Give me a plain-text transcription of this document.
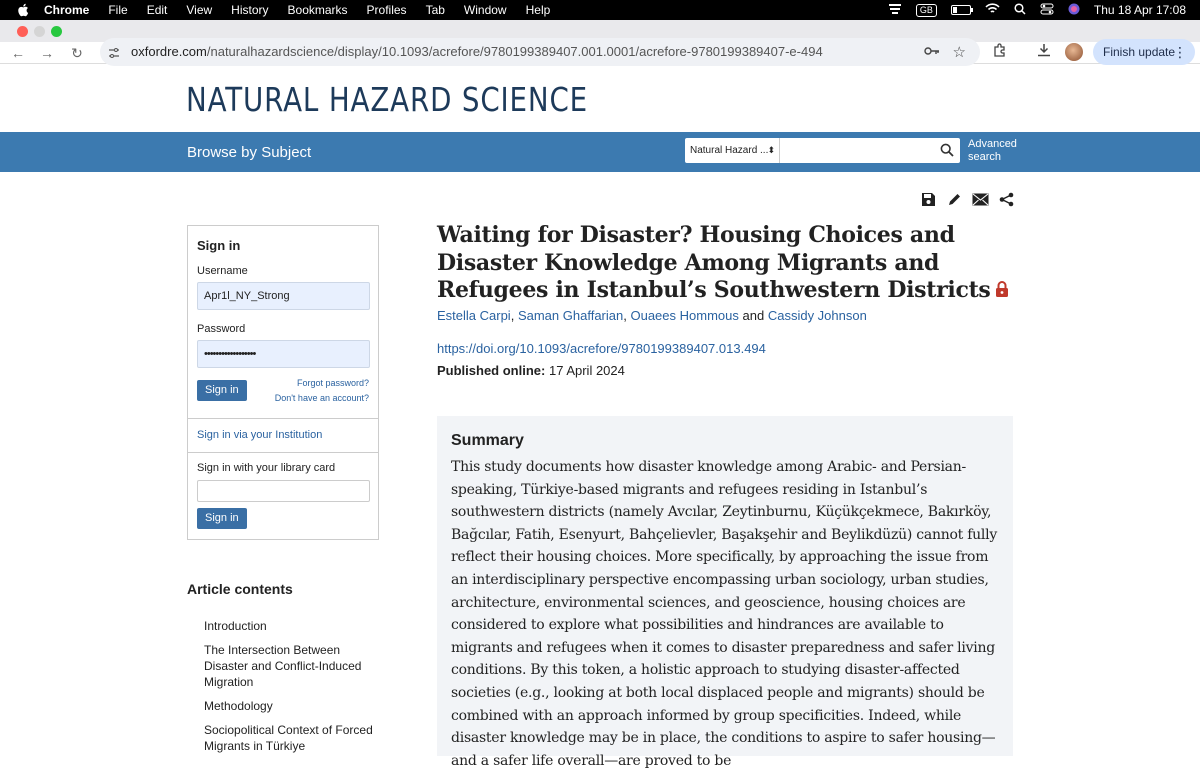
Chrome File Edit View History Bookmarks Profiles Tab Window Help	GB	Thu 18 Apr 17:08
← → ↻	oxfordre.com/naturalhazardscience/display/10.1093/acrefore/9780199389407.001.0001/acrefore-9780199389407-e-494	☆	Finish update
⋮
NATURAL HAZARD SCIENCE
Browse by Subject	Natural Hazard ... ⬍	Advanced
search
Sign in
Username
Apr1l_NY_Strong
Password
••••••••••••••••••
Sign in
Forgot password?
Don't have an account?
Sign in via your Institution
Sign in with your library card
Sign in
Article contents
Introduction
The Intersection Between Disaster and Conflict-Induced Migration
Methodology
Sociopolitical Context of Forced Migrants in Türkiye
Waiting for Disaster? Housing Choices and Disaster Knowledge Among Migrants and Refugees in Istanbul’s Southwestern Districts
Estella Carpi, Saman Ghaffarian, Ouaees Hommous and Cassidy Johnson
https://doi.org/10.1093/acrefore/9780199389407.013.494
Published online: 17 April 2024
Summary

This study documents how disaster knowledge among Arabic- and Persian-speaking, Türkiye-based migrants and refugees residing in Istanbul’s southwestern districts (namely Avcılar, Zeytinburnu, Küçükçekmece, Bakırköy, Bağcılar, Fatih, Esenyurt, Bahçelievler, Başakşehir and Beylikdüzü) cannot fully reflect their housing choices. More specifically, by approaching the issue from an interdisciplinary perspective encompassing urban sociology, urban studies, architecture, environmental sciences, and geoscience, housing choices are considered to explore what possibilities and hindrances are available to migrants and refugees when it comes to disaster preparedness and safer living conditions. By this token, a holistic approach to studying disaster-affected societies (e.g., looking at both local displaced people and migrants) should be combined with an approach informed by group specificities. Indeed, while disaster knowledge may be in place, the conditions to aspire to safer housing—and a safer life overall—are proved to be
